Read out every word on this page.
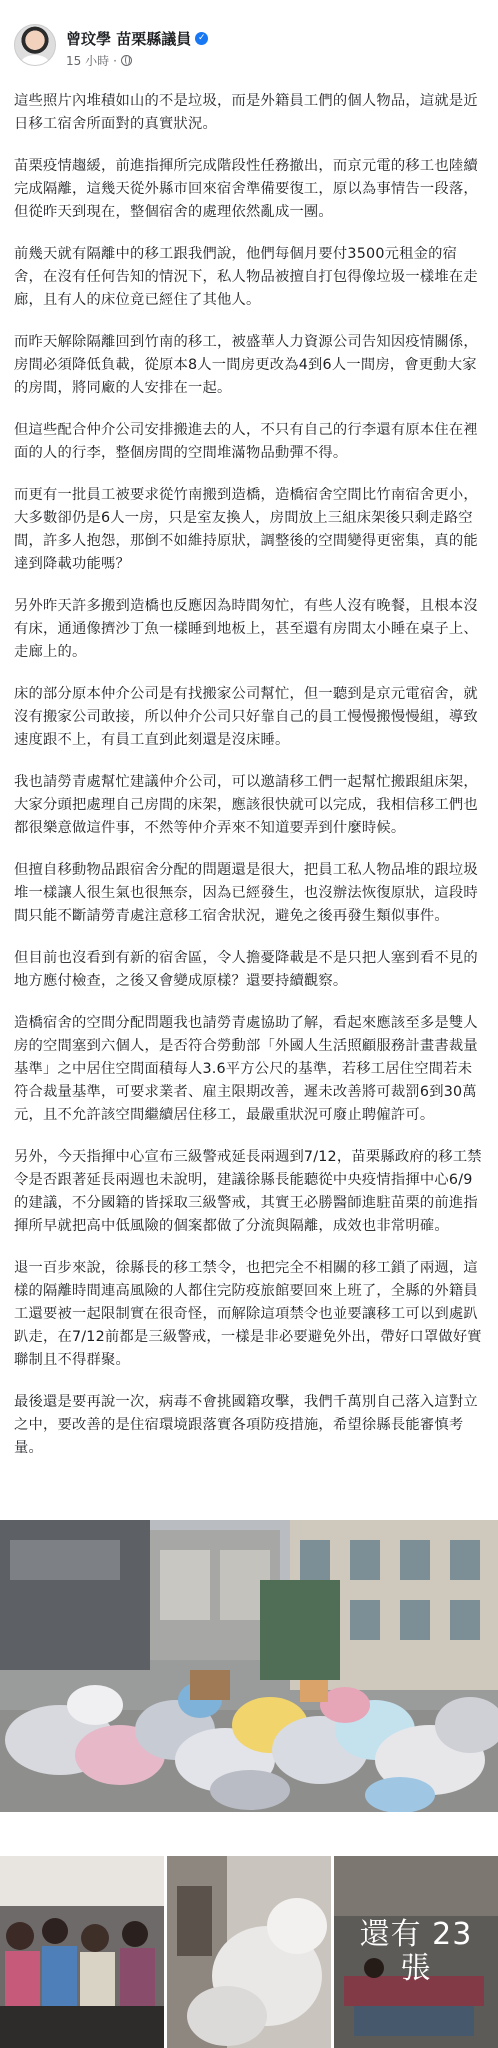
曾玟學 苗栗縣議員 ✓
15 小時 ·

這些照片內堆積如山的不是垃圾，而是外籍員工們的個人物品，這就是近日移工宿舍所面對的真實狀況。

苗栗疫情趨緩，前進指揮所完成階段性任務撤出，而京元電的移工也陸續完成隔離，這幾天從外縣市回來宿舍準備要復工，原以為事情告一段落，但從昨天到現在，整個宿舍的處理依然亂成一團。

前幾天就有隔離中的移工跟我們說，他們每個月要付3500元租金的宿舍，在沒有任何告知的情況下，私人物品被擅自打包得像垃圾一樣堆在走廊，且有人的床位竟已經住了其他人。

而昨天解除隔離回到竹南的移工，被盛華人力資源公司告知因疫情關係，房間必須降低負載，從原本8人一間房更改為4到6人一間房，會更動大家的房間，將同廠的人安排在一起。

但這些配合仲介公司安排搬進去的人，不只有自己的行李還有原本住在裡面的人的行李，整個房間的空間堆滿物品動彈不得。

而更有一批員工被要求從竹南搬到造橋，造橋宿舍空間比竹南宿舍更小，大多數卻仍是6人一房，只是室友換人，房間放上三組床架後只剩走路空間，許多人抱怨，那倒不如維持原狀，調整後的空間變得更密集，真的能達到降載功能嗎？

另外昨天許多搬到造橋也反應因為時間匆忙，有些人沒有晚餐，且根本沒有床，通通像擠沙丁魚一樣睡到地板上，甚至還有房間太小睡在桌子上、走廊上的。

床的部分原本仲介公司是有找搬家公司幫忙，但一聽到是京元電宿舍，就沒有搬家公司敢接，所以仲介公司只好靠自己的員工慢慢搬慢慢組，導致速度跟不上，有員工直到此刻還是沒床睡。

我也請勞青處幫忙建議仲介公司，可以邀請移工們一起幫忙搬跟組床架，大家分頭把處理自己房間的床架，應該很快就可以完成，我相信移工們也都很樂意做這件事，不然等仲介弄來不知道要弄到什麼時候。

但擅自移動物品跟宿舍分配的問題還是很大，把員工私人物品堆的跟垃圾堆一樣讓人很生氣也很無奈，因為已經發生，也沒辦法恢復原狀，這段時間只能不斷請勞青處注意移工宿舍狀況，避免之後再發生類似事件。

但目前也沒看到有新的宿舍區，令人擔憂降載是不是只把人塞到看不見的地方應付檢查，之後又會變成原樣？還要持續觀察。

造橋宿舍的空間分配問題我也請勞青處協助了解，看起來應該至多是雙人房的空間塞到六個人，是否符合勞動部「外國人生活照顧服務計畫書裁量基準」之中居住空間面積每人3.6平方公尺的基準，若移工居住空間若未符合裁量基準，可要求業者、雇主限期改善，遲未改善將可裁罰6到30萬元，且不允許該空間繼續居住移工，最嚴重狀況可廢止聘僱許可。

另外，今天指揮中心宣布三級警戒延長兩週到7/12，苗栗縣政府的移工禁令是否跟著延長兩週也未說明，建議徐縣長能聽從中央疫情指揮中心6/9的建議，不分國籍的皆採取三級警戒，其實王必勝醫師進駐苗栗的前進指揮所早就把高中低風險的個案都做了分流與隔離，成效也非常明確。

退一百步來說，徐縣長的移工禁令，也把完全不相關的移工鎖了兩週，這樣的隔離時間連高風險的人都住完防疫旅館要回來上班了，全縣的外籍員工還要被一起限制實在很奇怪，而解除這項禁令也並要讓移工可以到處趴趴走，在7/12前都是三級警戒，一樣是非必要避免外出，帶好口罩做好實聯制且不得群聚。

最後還是要再說一次，病毒不會挑國籍攻擊，我們千萬別自己落入這對立之中，要改善的是住宿環境跟落實各項防疫措施，希望徐縣長能審慎考量。

還有 23
張
